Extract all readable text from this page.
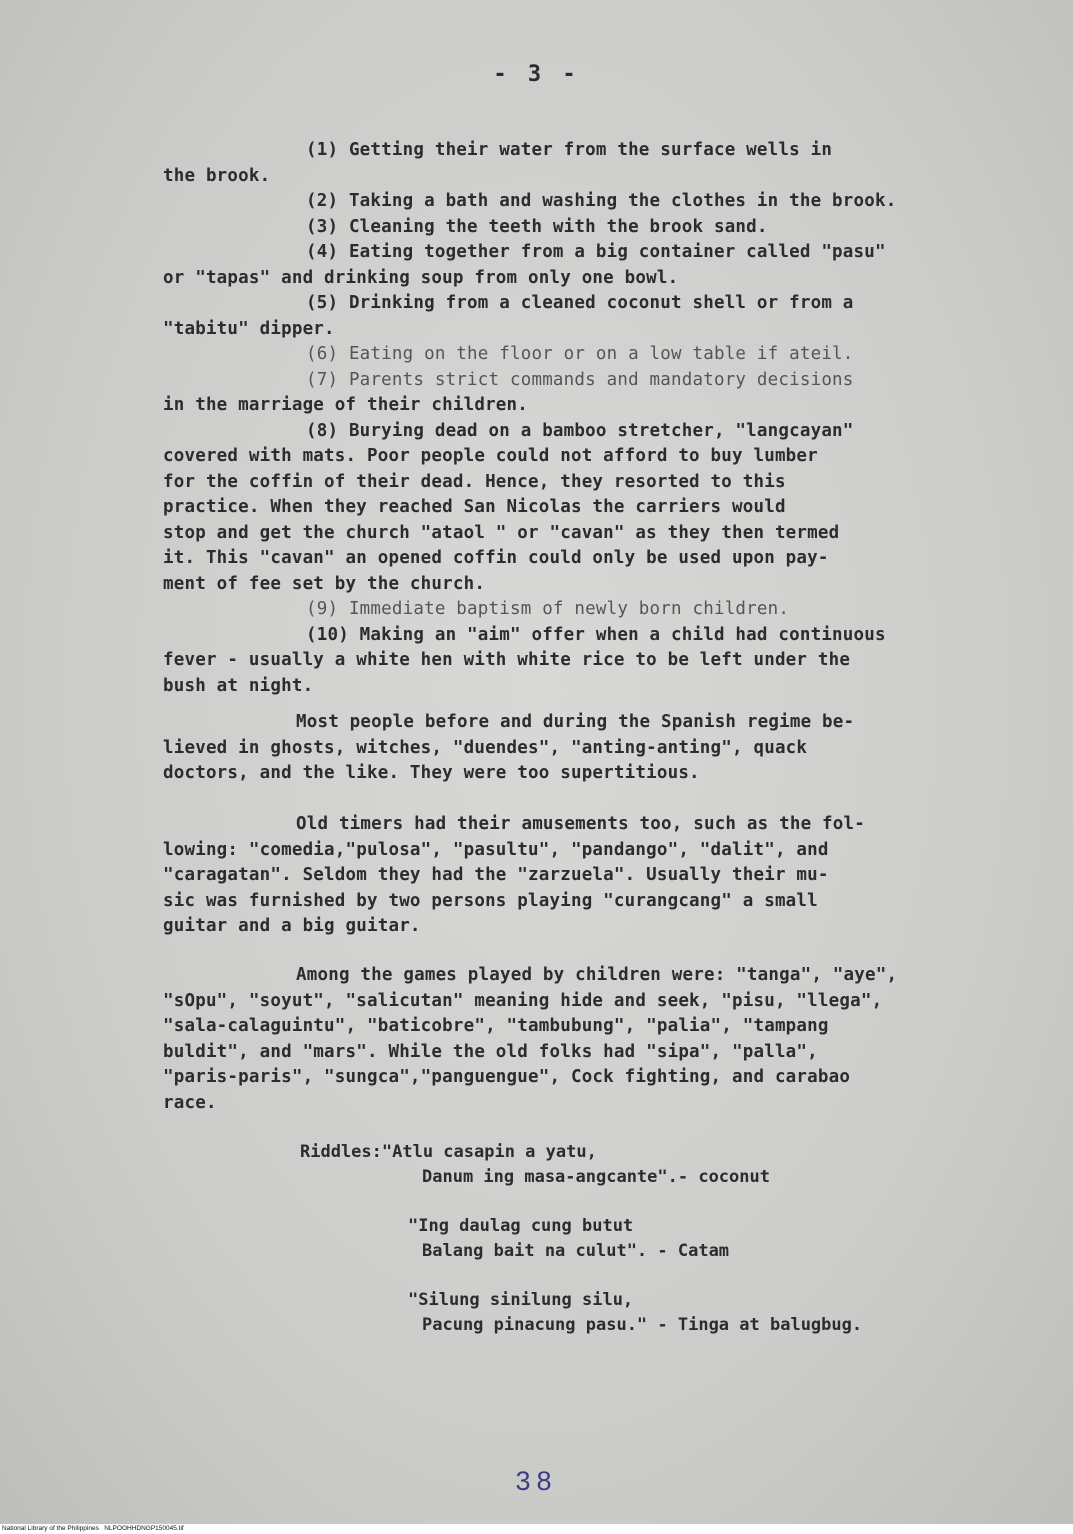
- 3 -

(1) Getting their water from the surface wells in
the brook.

(2) Taking a bath and washing the clothes in the brook.

(3) Cleaning the teeth with the brook sand.

(4) Eating together from a big container called "pasu"
or "tapas" and drinking soup from only one bowl.

(5) Drinking from a cleaned coconut shell or from a
"tabitu" dipper.

(6) Eating on the floor or on a low table if ateil.

(7) Parents strict commands and mandatory decisions
in the marriage of their children.

(8) Burying dead on a bamboo stretcher, "langcayan"
covered with mats. Poor people could not afford to buy lumber
for the coffin of their dead. Hence, they resorted to this
practice. When they reached San Nicolas the carriers would
stop and get the church "ataol " or "cavan" as they then termed
it. This "cavan" an opened coffin could only be used upon pay-
ment of fee set by the church.

(9) Immediate baptism of newly born children.

(10) Making an "aim" offer when a child had continuous
fever - usually a white hen with white rice to be left under the
bush at night.

Most people before and during the Spanish regime be-
lieved in ghosts, witches, "duendes", "anting-anting", quack
doctors, and the like. They were too supertitious.

Old timers had their amusements too, such as the fol-
lowing: "comedia,"pulosa", "pasultu", "pandango", "dalit", and
"caragatan". Seldom they had the "zarzuela". Usually their mu-
sic was furnished by two persons playing "curangcang" a small
guitar and a big guitar.

Among the games played by children were: "tanga", "aye",
"sOpu", "soyut", "salicutan" meaning hide and seek, "pisu, "llega",
"sala-calaguintu", "baticobre", "tambubung", "palia", "tampang
buldit", and "mars". While the old folks had "sipa", "palla",
"paris-paris", "sungca","panguengue", Cock fighting, and carabao
race.

Riddles:"Atlu casapin a yatu,
Danum ing masa-angcante".- coconut

"Ing daulag cung butut
Balang bait na culut". - Catam

"Silung sinilung silu,
Pacung pinacung pasu." - Tinga at balugbug.

38
National Library of the Philippines   NLPOOHHDNGP150045.tif
